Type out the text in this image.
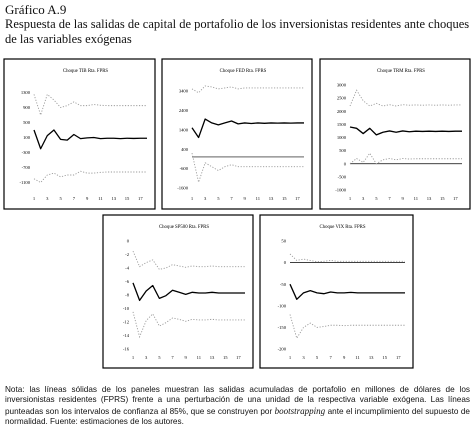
Gráfico A.9

Respuesta de las salidas de capital de portafolio de los inversionistas residentes ante choques de las variables exógenas

Choque TIB Rta. FPRS
1300
900
500
100
-300
-700
-1100
1 3 5 7 9 11 13 15 17
Choque FED Rta. FPRS
3400
2400
1400
400
-600
-1600
1 3 5 7 9 11 13 15 17
Choque TRM Rta. FPRS
3000
2500
2000
1500
1000
500
0
-500
-1000
1 3 5 7 9 11 13 15 17
Choque SP500 Rta. FPRS
0
-2
-4
-6
-8
-10
-12
-14
-16
1 3 5 7 9 11 13 15 17
Choque VIX Rta. FPRS
50
0
-50
-100
-150
-200
1 3 5 7 9 11 13 15 17

Nota: las líneas sólidas de los paneles muestran las salidas acumuladas de portafolio en millones de dólares de los inversionistas residentes (FPRS) frente a una perturbación de una unidad de la respectiva variable exógena. Las líneas punteadas son los intervalos de confianza al 85%, que se construyen por bootstrapping ante el incumplimiento del supuesto de normalidad. Fuente: estimaciones de los autores.
